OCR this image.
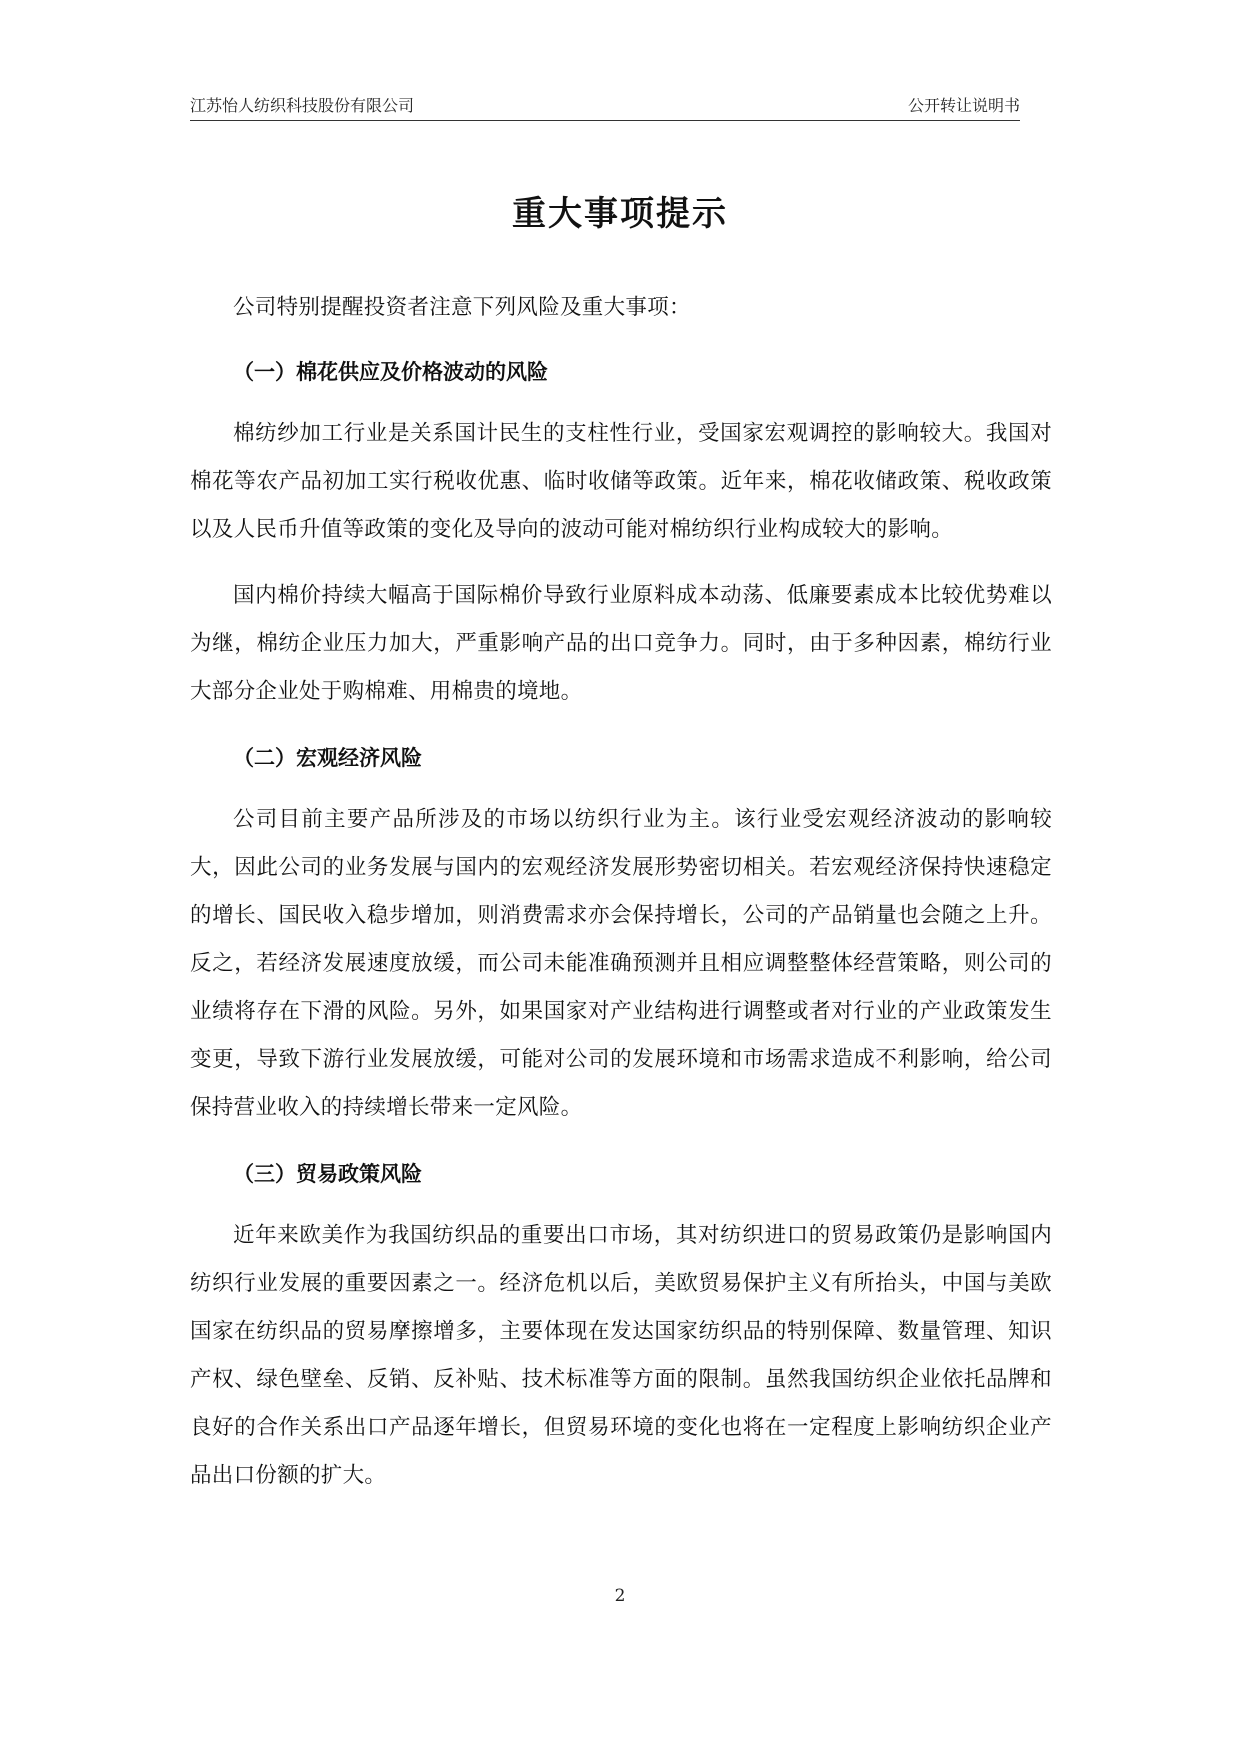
江苏怡人纺织科技股份有限公司	公开转让说明书
重大事项提示

公司特别提醒投资者注意下列风险及重大事项：

（一）棉花供应及价格波动的风险

棉纺纱加工行业是关系国计民生的支柱性行业，受国家宏观调控的影响较大。我国对棉花等农产品初加工实行税收优惠、临时收储等政策。近年来，棉花收储政策、税收政策以及人民币升值等政策的变化及导向的波动可能对棉纺织行业构成较大的影响。

国内棉价持续大幅高于国际棉价导致行业原料成本动荡、低廉要素成本比较优势难以为继，棉纺企业压力加大，严重影响产品的出口竞争力。同时，由于多种因素，棉纺行业大部分企业处于购棉难、用棉贵的境地。

（二）宏观经济风险

公司目前主要产品所涉及的市场以纺织行业为主。该行业受宏观经济波动的影响较大，因此公司的业务发展与国内的宏观经济发展形势密切相关。若宏观经济保持快速稳定的增长、国民收入稳步增加，则消费需求亦会保持增长，公司的产品销量也会随之上升。反之，若经济发展速度放缓，而公司未能准确预测并且相应调整整体经营策略，则公司的业绩将存在下滑的风险。另外，如果国家对产业结构进行调整或者对行业的产业政策发生变更，导致下游行业发展放缓，可能对公司的发展环境和市场需求造成不利影响，给公司保持营业收入的持续增长带来一定风险。

（三）贸易政策风险

近年来欧美作为我国纺织品的重要出口市场，其对纺织进口的贸易政策仍是影响国内纺织行业发展的重要因素之一。经济危机以后，美欧贸易保护主义有所抬头，中国与美欧国家在纺织品的贸易摩擦增多，主要体现在发达国家纺织品的特别保障、数量管理、知识产权、绿色壁垒、反销、反补贴、技术标准等方面的限制。虽然我国纺织企业依托品牌和良好的合作关系出口产品逐年增长，但贸易环境的变化也将在一定程度上影响纺织企业产品出口份额的扩大。

2
